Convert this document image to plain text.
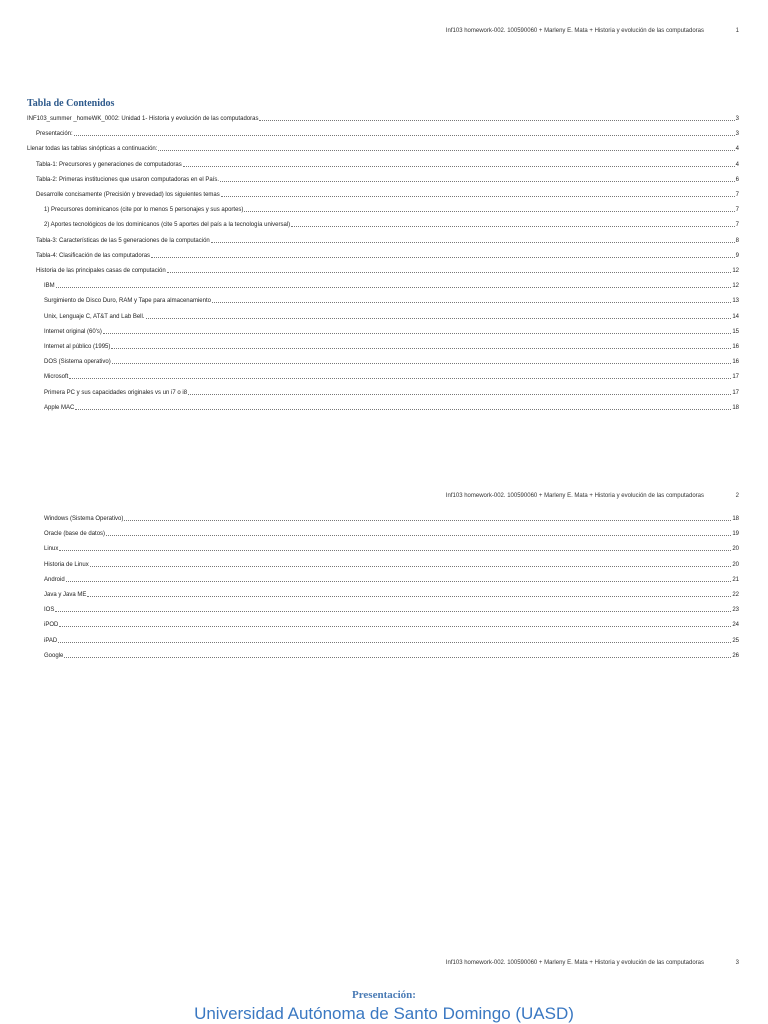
Inf103 homework-002. 100590060 + Marleny E. Mata + Historia y evolución de las computadoras	1
Tabla de Contenidos
INF103_summer _homeWK_0002: Unidad 1- Historia y evolución de las computadoras	3
Presentación:	3
Llenar todas las tablas sinópticas a continuación:	4
Tabla-1: Precursores y generaciones de computadoras	4
Tabla-2: Primeras instituciones que usaron computadoras en el País.	6
Desarrolle concisamente (Precisión y brevedad) los siguientes temas	7
1) Precursores dominicanos (cite por lo menos 5 personajes y sus aportes)	7
2) Aportes tecnológicos de los dominicanos (cite 5 aportes del país a la tecnología universal)	7
Tabla-3: Características de las 5 generaciones de la computación	8
Tabla-4: Clasificación de las computadoras	9
Historia de las principales casas de computación	12
IBM	12
Surgimiento de Disco Duro, RAM y Tape para almacenamiento	13
Unix, Lenguaje C, AT&T and Lab Bell.	14
Internet original (60's)	15
Internet al público (1995)	16
DOS (Sistema operativo)	16
Microsoft	17
Primera PC y sus capacidades originales vs un i7 o i8	17
Apple MAC	18
Inf103 homework-002. 100590060 + Marleny E. Mata + Historia y evolución de las computadoras	2
Windows (Sistema Operativo)	18
Oracle (base de datos)	19
Linux	20
Historia de Linux	20
Android	21
Java y Java ME	22
IOS	23
iPOD	24
iPAD	25
Google	26
Inf103 homework-002. 100590060 + Marleny E. Mata + Historia y evolución de las computadoras	3
Presentación:
Universidad Autónoma de Santo Domingo (UASD)
